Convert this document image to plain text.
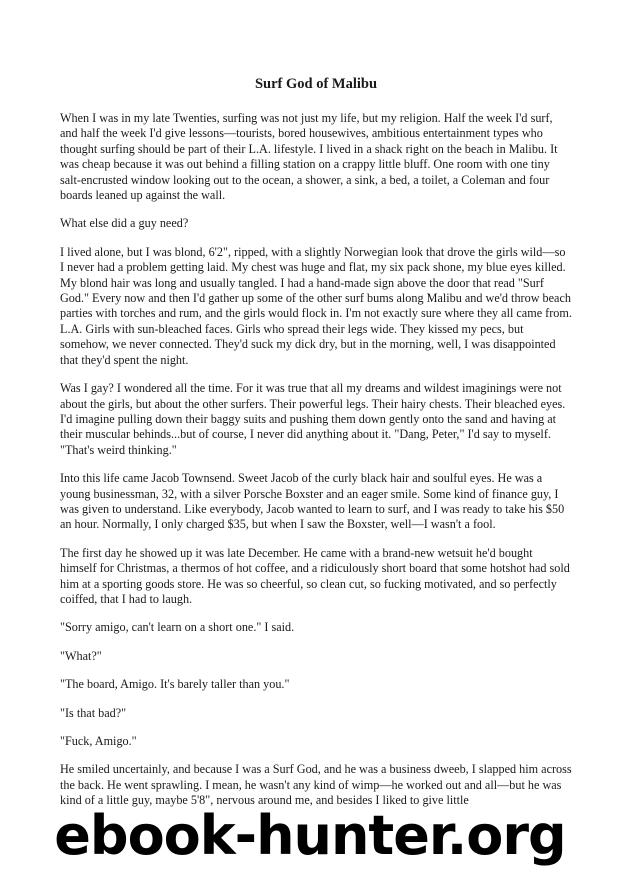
Surf God of Malibu

When I was in my late Twenties, surfing was not just my life, but my religion. Half the week I'd surf, and half the week I'd give lessons—tourists, bored housewives, ambitious entertainment types who thought surfing should be part of their L.A. lifestyle. I lived in a shack right on the beach in Malibu. It was cheap because it was out behind a filling station on a crappy little bluff. One room with one tiny salt-encrusted window looking out to the ocean, a shower, a sink, a bed, a toilet, a Coleman and four boards leaned up against the wall.

What else did a guy need?

I lived alone, but I was blond, 6'2", ripped, with a slightly Norwegian look that drove the girls wild—so I never had a problem getting laid. My chest was huge and flat, my six pack shone, my blue eyes killed. My blond hair was long and usually tangled. I had a hand-made sign above the door that read "Surf God." Every now and then I'd gather up some of the other surf bums along Malibu and we'd throw beach parties with torches and rum, and the girls would flock in. I'm not exactly sure where they all came from. L.A. Girls with sun-bleached faces. Girls who spread their legs wide. They kissed my pecs, but somehow, we never connected. They'd suck my dick dry, but in the morning, well, I was disappointed that they'd spent the night.

Was I gay? I wondered all the time. For it was true that all my dreams and wildest imaginings were not about the girls, but about the other surfers. Their powerful legs. Their hairy chests. Their bleached eyes. I'd imagine pulling down their baggy suits and pushing them down gently onto the sand and having at their muscular behinds...but of course, I never did anything about it. "Dang, Peter," I'd say to myself. "That's weird thinking."

Into this life came Jacob Townsend. Sweet Jacob of the curly black hair and soulful eyes. He was a young businessman, 32, with a silver Porsche Boxster and an eager smile. Some kind of finance guy, I was given to understand. Like everybody, Jacob wanted to learn to surf, and I was ready to take his $50 an hour. Normally, I only charged $35, but when I saw the Boxster, well—I wasn't a fool.

The first day he showed up it was late December. He came with a brand-new wetsuit he'd bought himself for Christmas, a thermos of hot coffee, and a ridiculously short board that some hotshot had sold him at a sporting goods store. He was so cheerful, so clean cut, so fucking motivated, and so perfectly coiffed, that I had to laugh.

"Sorry amigo, can't learn on a short one." I said.

"What?"

"The board, Amigo. It's barely taller than you."

"Is that bad?"

"Fuck, Amigo."

He smiled uncertainly, and because I was a Surf God, and he was a business dweeb, I slapped him across the back. He went sprawling. I mean, he wasn't any kind of wimp—he worked out and all—but he was kind of a little guy, maybe 5'8", nervous around me, and besides I liked to give little

ebook-hunter.org
